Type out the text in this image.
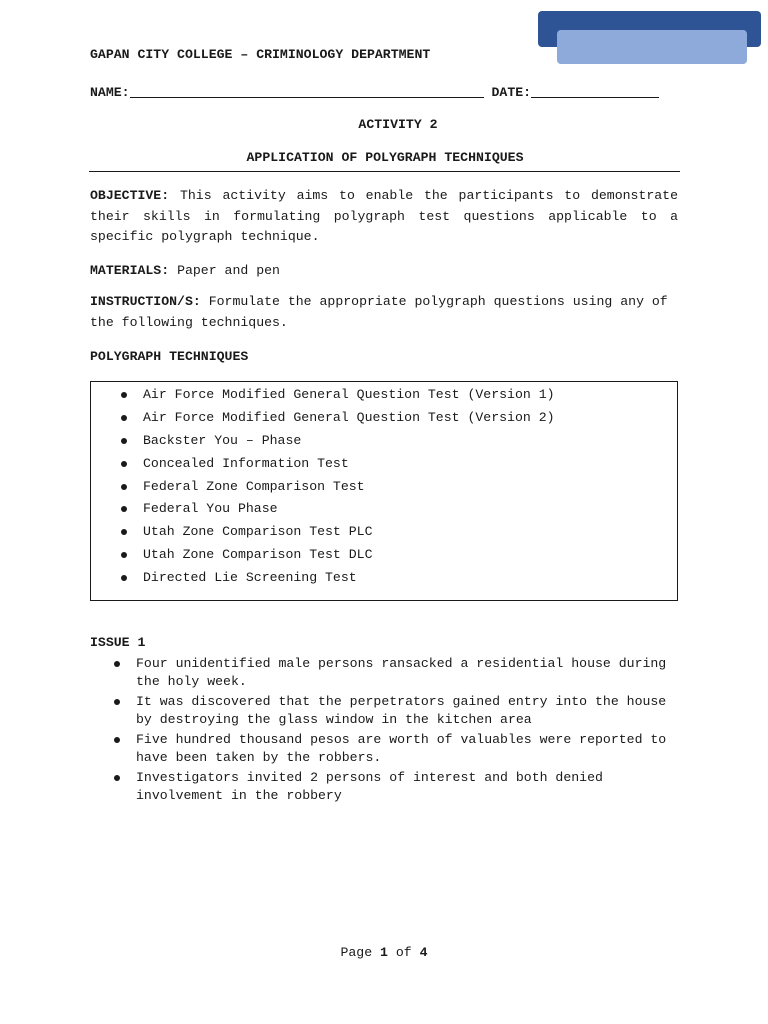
GAPAN CITY COLLEGE – CRIMINOLOGY DEPARTMENT
NAME:	DATE:
ACTIVITY 2
APPLICATION OF POLYGRAPH TECHNIQUES
OBJECTIVE: This activity aims to enable the participants to demonstrate their skills in formulating polygraph test questions applicable to a specific polygraph technique.
MATERIALS: Paper and pen
INSTRUCTION/S: Formulate the appropriate polygraph questions using any of the following techniques.
POLYGRAPH TECHNIQUES
Air Force Modified General Question Test (Version 1)
Air Force Modified General Question Test (Version 2)
Backster You – Phase
Concealed Information Test
Federal Zone Comparison Test
Federal You Phase
Utah Zone Comparison Test PLC
Utah Zone Comparison Test DLC
Directed Lie Screening Test
ISSUE 1
Four unidentified male persons ransacked a residential house during the holy week.
It was discovered that the perpetrators gained entry into the house by destroying the glass window in the kitchen area
Five hundred thousand pesos are worth of valuables were reported to have been taken by the robbers.
Investigators invited 2 persons of interest and both denied involvement in the robbery
Page 1 of 4
